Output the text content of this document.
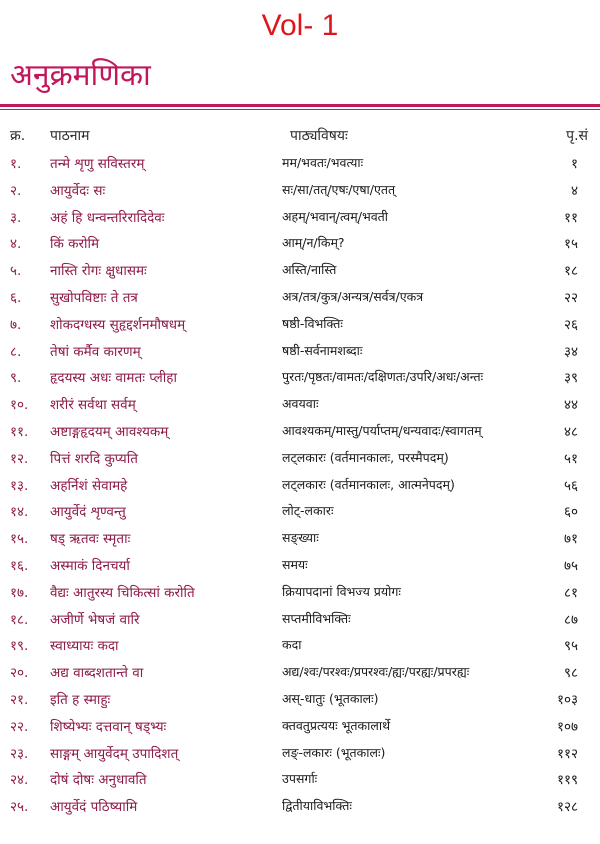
Vol- 1
अनुक्रमणिका
क्र. पाठनाम	पाठ्यविषयः	पृ.सं
१. तन्मे शृणु सविस्तरम्	मम/भवतः/भवत्याः	१
२. आयुर्वेदः सः	सः/सा/तत्/एषः/एषा/एतत्	४
३. अहं हि धन्वन्तरिरादिदेवः	अहम्/भवान्/त्वम्/भवती	११
४. किं करोमि	आम्/न/किम्?	१५
५. नास्ति रोगः क्षुधासमः	अस्ति/नास्ति	१८
६. सुखोपविष्टाः ते तत्र	अत्र/तत्र/कुत्र/अन्यत्र/सर्वत्र/एकत्र	२२
७. शोकदग्धस्य सुहृद्दर्शनमौषधम्	षष्ठी-विभक्तिः	२६
८. तेषां कर्मैव कारणम्	षष्ठी-सर्वनामशब्दाः	३४
९. हृदयस्य अधः वामतः प्लीहा	पुरतः/पृष्ठतः/वामतः/दक्षिणतः/उपरि/अधः/अन्तः	३९
१०. शरीरं सर्वथा सर्वम्	अवयवाः	४४
११. अष्टाङ्गहृदयम् आवश्यकम्	आवश्यकम्/मास्तु/पर्याप्तम्/धन्यवादः/स्वागतम्	४८
१२. पित्तं शरदि कुप्यति	लट्लकारः (वर्तमानकालः, परस्मैपदम्)	५१
१३. अहर्निशं सेवामहे	लट्लकारः (वर्तमानकालः, आत्मनेपदम्)	५६
१४. आयुर्वेदं शृण्वन्तु	लोट्-लकारः	६०
१५. षड् ऋतवः स्मृताः	सङ्ख्याः	७१
१६. अस्माकं दिनचर्या	समयः	७५
१७. वैद्यः आतुरस्य चिकित्सां करोति	क्रियापदानां विभज्य प्रयोगः	८१
१८. अजीर्णे भेषजं वारि	सप्तमीविभक्तिः	८७
१९. स्वाध्यायः कदा	कदा	९५
२०. अद्य वाब्दशतान्ते वा	अद्य/श्वः/परश्वः/प्रपरश्वः/ह्यः/परह्यः/प्रपरह्यः	९८
२१. इति ह स्माहुः	अस्-धातुः (भूतकालः)	१०३
२२. शिष्येभ्यः दत्तवान् षड्भ्यः	क्तवतुप्रत्ययः भूतकालार्थे	१०७
२३. साङ्गम् आयुर्वेदम् उपादिशत्	लङ्-लकारः (भूतकालः)	११२
२४. दोषं दोषः अनुधावति	उपसर्गाः	११९
२५. आयुर्वेदं पठिष्यामि	द्वितीयाविभक्तिः	१२८
